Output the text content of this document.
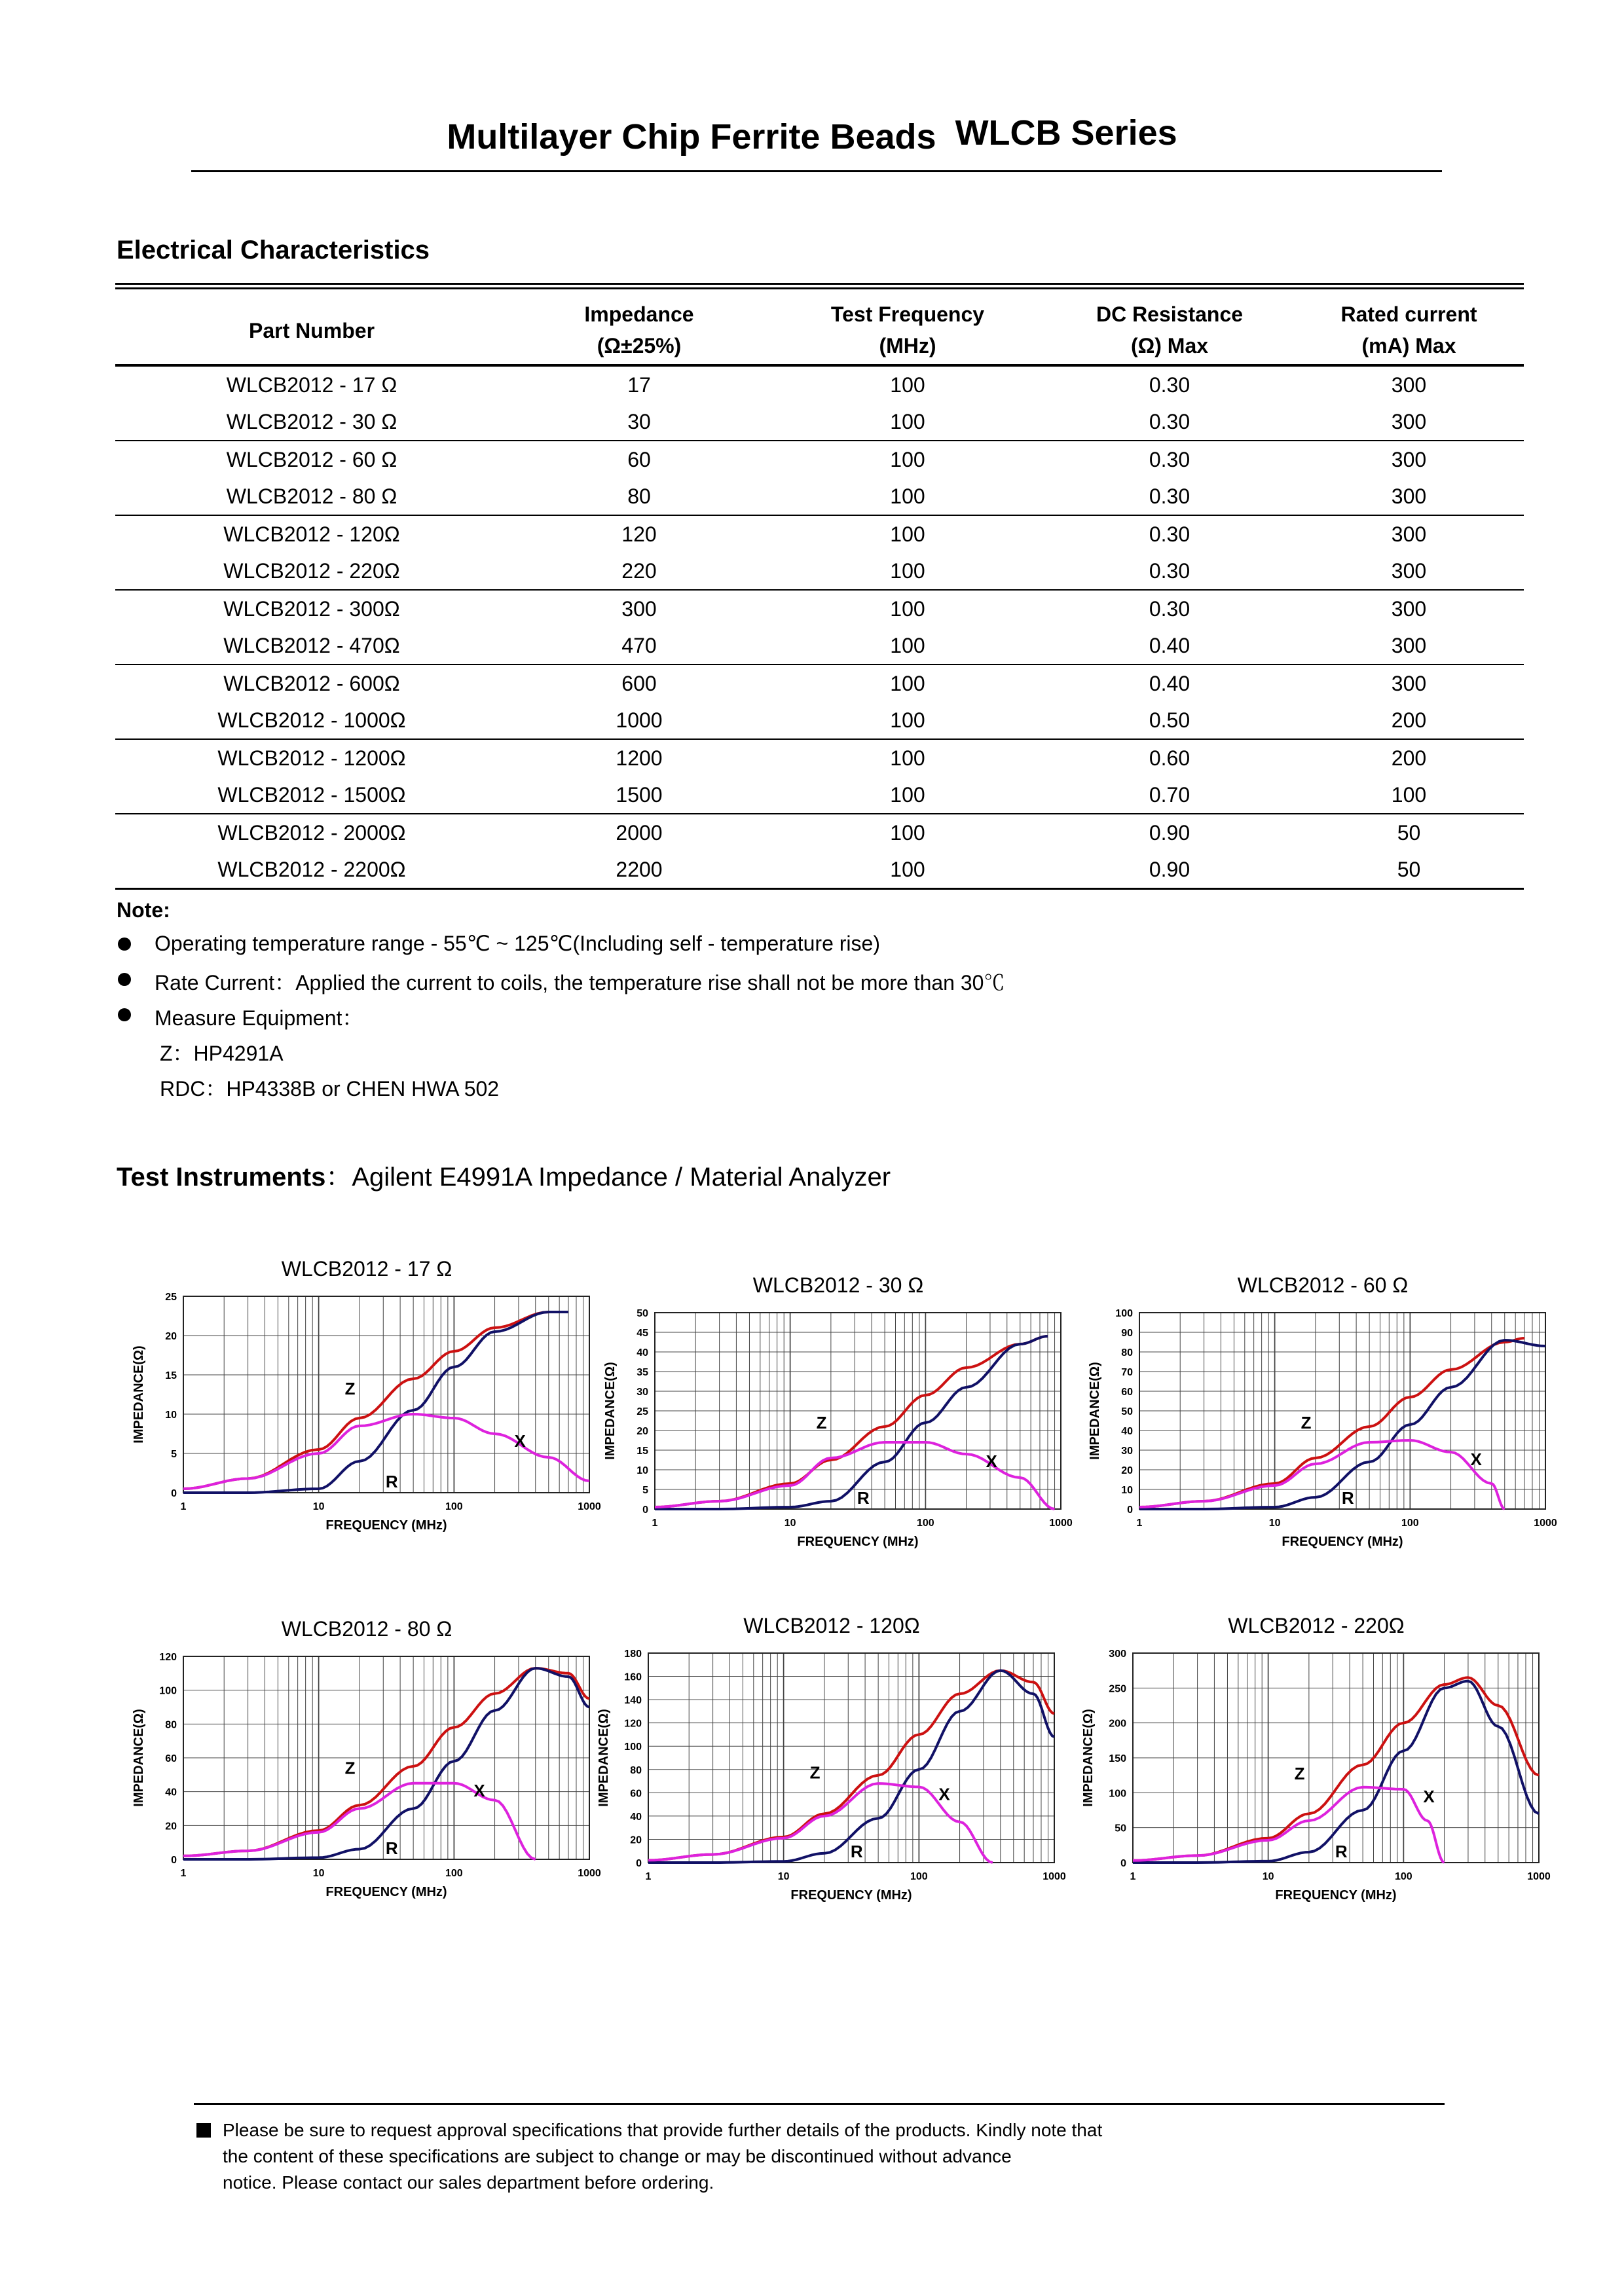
Multilayer Chip Ferrite Beads WLCB Series
Electrical Characteristics
Part Number	Impedance	Test Frequency	DC Resistance	Rated current
	(Ω±25%)	(MHz)	(Ω) Max	(mA) Max
WLCB2012 - 17 Ω	17	100	0.30	300
WLCB2012 - 30 Ω	30	100	0.30	300
WLCB2012 - 60 Ω	60	100	0.30	300
WLCB2012 - 80 Ω	80	100	0.30	300
WLCB2012 - 120Ω	120	100	0.30	300
WLCB2012 - 220Ω	220	100	0.30	300
WLCB2012 - 300Ω	300	100	0.30	300
WLCB2012 - 470Ω	470	100	0.40	300
WLCB2012 - 600Ω	600	100	0.40	300
WLCB2012 - 1000Ω	1000	100	0.50	200
WLCB2012 - 1200Ω	1200	100	0.60	200
WLCB2012 - 1500Ω	1500	100	0.70	100
WLCB2012 - 2000Ω	2000	100	0.90	50
WLCB2012 - 2200Ω	2200	100	0.90	50
Note:
Operating temperature range - 55℃ ~ 125℃(Including self - temperature rise)
Rate Current：Applied the current to coils, the temperature rise shall not be more than 30℃
Measure Equipment：
Z：HP4291A
RDC：HP4338B or CHEN HWA 502
Test Instruments：Agilent E4991A Impedance / Material Analyzer
WLCB2012 - 17 Ω
0
5
10
15
20
25
1	10	100	1000
FREQUENCY (MHz)
IMPEDANCE(Ω)	Z
R
X
WLCB2012 - 30 Ω
0
5
10
15
20
25
30
35
40
45
50
1	10	100	1000
FREQUENCY (MHz)
IMPEDANCE(Ω)	Z
R
X
WLCB2012 - 60 Ω
0
10
20
30
40
50
60
70
80
90
100
1	10	100	1000
FREQUENCY (MHz)
IMPEDANCE(Ω)	Z
R
X
WLCB2012 - 80 Ω
0
20
40
60
80
100
120
1	10	100	1000
FREQUENCY (MHz)
IMPEDANCE(Ω)	Z
R
X
WLCB2012 - 120Ω
0
20
40
60
80
100
120
140
160
180
1	10	100	1000
FREQUENCY (MHz)
IMPEDANCE(Ω)	Z
R
X
WLCB2012 - 220Ω
0
50
100
150
200
250
300
1	10	100	1000
FREQUENCY (MHz)
IMPEDANCE(Ω)	Z
R
X
Please be sure to request approval specifications that provide further details of the products. Kindly note that
the content of these specifications are subject to change or may be discontinued without advance
notice. Please contact our sales department before ordering.
